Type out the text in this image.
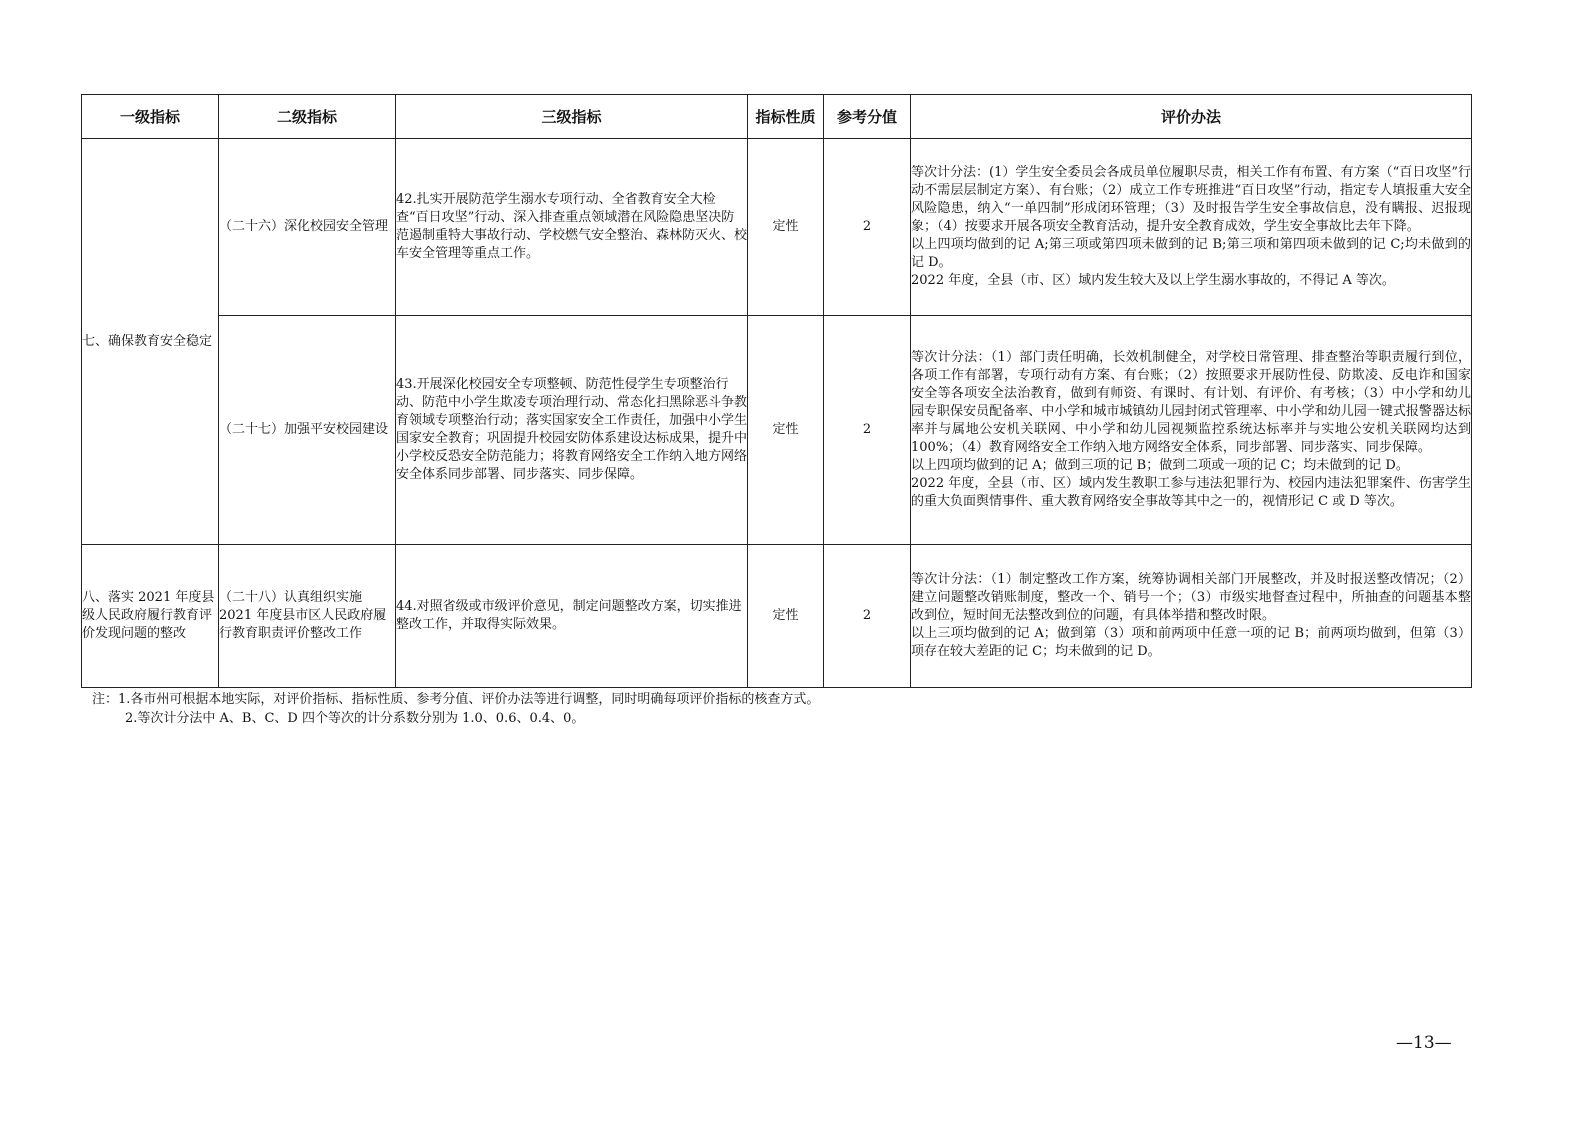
一级指标	二级指标	三级指标	指标性质	参考分值	评价办法
七、确保教育安全稳定	（二十六）深化校园安全管理	42.扎实开展防范学生溺水专项行动、全省教育安全大检查“百日攻坚”行动、深入排查重点领域潜在风险隐患坚决防范遏制重特大事故行动、学校燃气安全整治、森林防灭火、校车安全管理等重点工作。	定性	2	等次计分法：(1）学生安全委员会各成员单位履职尽责，相关工作有布置、有方案（“百日攻坚”行动不需层层制定方案）、有台账；（2）成立工作专班推进“百日攻坚”行动，指定专人填报重大安全风险隐患，纳入“一单四制”形成闭环管理；（3）及时报告学生安全事故信息，没有瞒报、迟报现象；（4）按要求开展各项安全教育活动，提升安全教育成效，学生安全事故比去年下降。
以上四项均做到的记 A;第三项或第四项未做到的记 B;第三项和第四项未做到的记 C;均未做到的记 D。
2022 年度，全县（市、区）域内发生较大及以上学生溺水事故的，不得记 A 等次。

	（二十七）加强平安校园建设	43.开展深化校园安全专项整顿、防范性侵学生专项整治行动、防范中小学生欺凌专项治理行动、常态化扫黑除恶斗争教育领域专项整治行动；落实国家安全工作责任，加强中小学生国家安全教育；巩固提升校园安防体系建设达标成果，提升中小学校反恐安全防范能力；将教育网络安全工作纳入地方网络安全体系同步部署、同步落实、同步保障。	定性	2	等次计分法：（1）部门责任明确，长效机制健全，对学校日常管理、排查整治等职责履行到位，各项工作有部署，专项行动有方案、有台账；（2）按照要求开展防性侵、防欺凌、反电诈和国家安全等各项安全法治教育，做到有师资、有课时、有计划、有评价、有考核；（3）中小学和幼儿园专职保安员配备率、中小学和城市城镇幼儿园封闭式管理率、中小学和幼儿园一键式报警器达标率并与属地公安机关联网、中小学和幼儿园视频监控系统达标率并与实地公安机关联网均达到 100%；（4）教育网络安全工作纳入地方网络安全体系，同步部署、同步落实、同步保障。
以上四项均做到的记 A；做到三项的记 B；做到二项或一项的记 C；均未做到的记 D。
2022 年度，全县（市、区）域内发生教职工参与违法犯罪行为、校园内违法犯罪案件、伤害学生的重大负面舆情事件、重大教育网络安全事故等其中之一的，视情形记 C 或 D 等次。

八、落实 2021 年度县级人民政府履行教育评价发现问题的整改	（二十八）认真组织实施 2021 年度县市区人民政府履行教育职责评价整改工作	44.对照省级或市级评价意见，制定问题整改方案，切实推进整改工作，并取得实际效果。	定性	2	等次计分法：（1）制定整改工作方案，统筹协调相关部门开展整改，并及时报送整改情况；（2）建立问题整改销账制度，整改一个、销号一个；（3）市级实地督查过程中，所抽查的问题基本整改到位，短时间无法整改到位的问题，有具体举措和整改时限。
以上三项均做到的记 A；做到第（3）项和前两项中任意一项的记 B；前两项均做到，但第（3）项存在较大差距的记 C；均未做到的记 D。
注：1.各市州可根据本地实际，对评价指标、指标性质、参考分值、评价办法等进行调整，同时明确每项评价指标的核查方式。
2.等次计分法中 A、B、C、D 四个等次的计分系数分别为 1.0、0.6、0.4、0。
—13—
